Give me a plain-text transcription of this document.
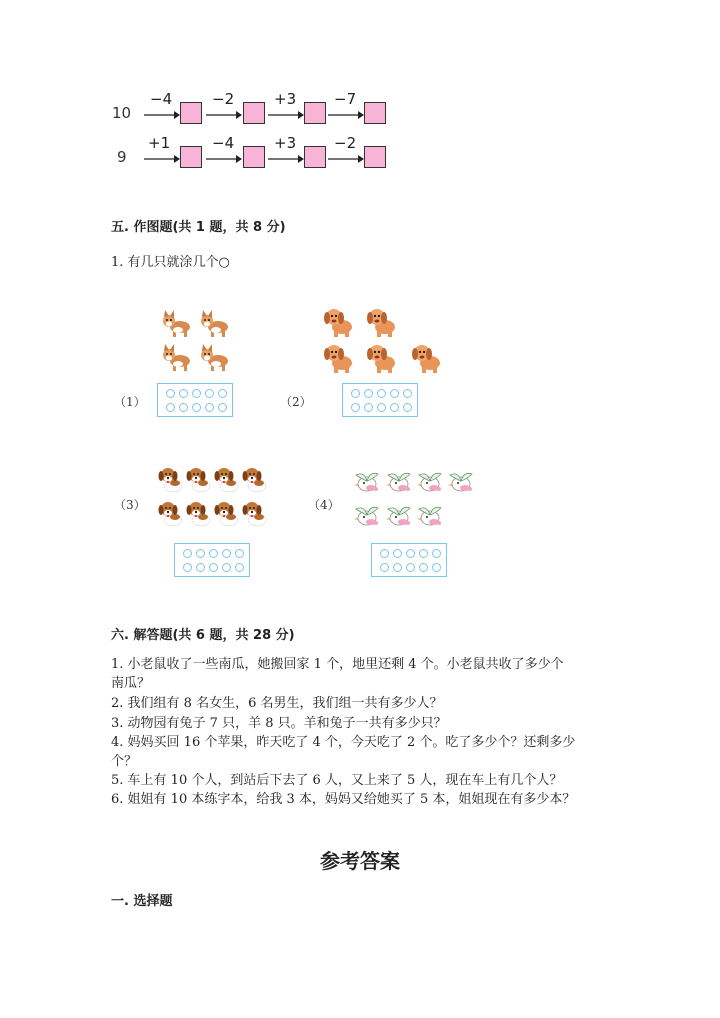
10
−4	−2	+3	−7
9
+1	−4	+3	−2
五. 作图题(共 1 题，共 8 分)
1. 有几只就涂几个○
（1）	（2）
（3）	（4）
六. 解答题(共 6 题，共 28 分)
1. 小老鼠收了一些南瓜，她搬回家 1 个，地里还剩 4 个。小老鼠共收了多少个
南瓜？
2. 我们组有 8 名女生，6 名男生，我们组一共有多少人？
3. 动物园有兔子 7 只，羊 8 只。羊和兔子一共有多少只？
4. 妈妈买回 16 个苹果，昨天吃了 4 个，今天吃了 2 个。吃了多少个？还剩多少
个？
5. 车上有 10 个人，到站后下去了 6 人，又上来了 5 人，现在车上有几个人？
6. 姐姐有 10 本练字本，给我 3 本，妈妈又给她买了 5 本，姐姐现在有多少本？
参考答案
一. 选择题
